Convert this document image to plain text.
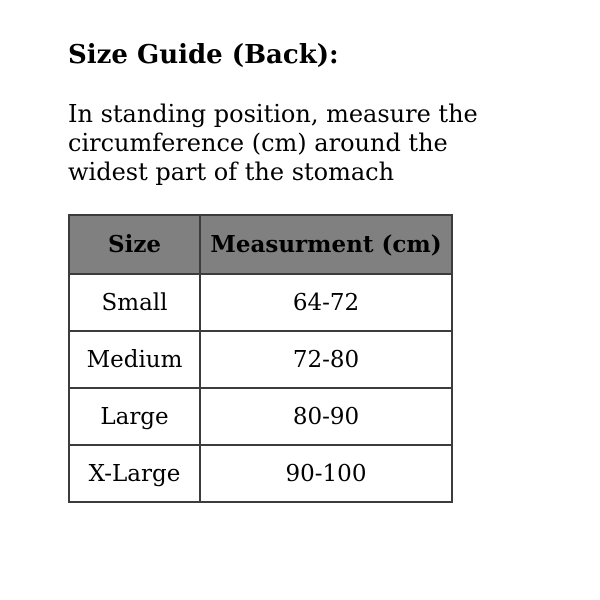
Size Guide (Back):

In standing position, measure the circumference (cm) around the widest part of the stomach

Size	Measurment (cm)
Small	64-72
Medium	72-80
Large	80-90
X-Large	90-100
